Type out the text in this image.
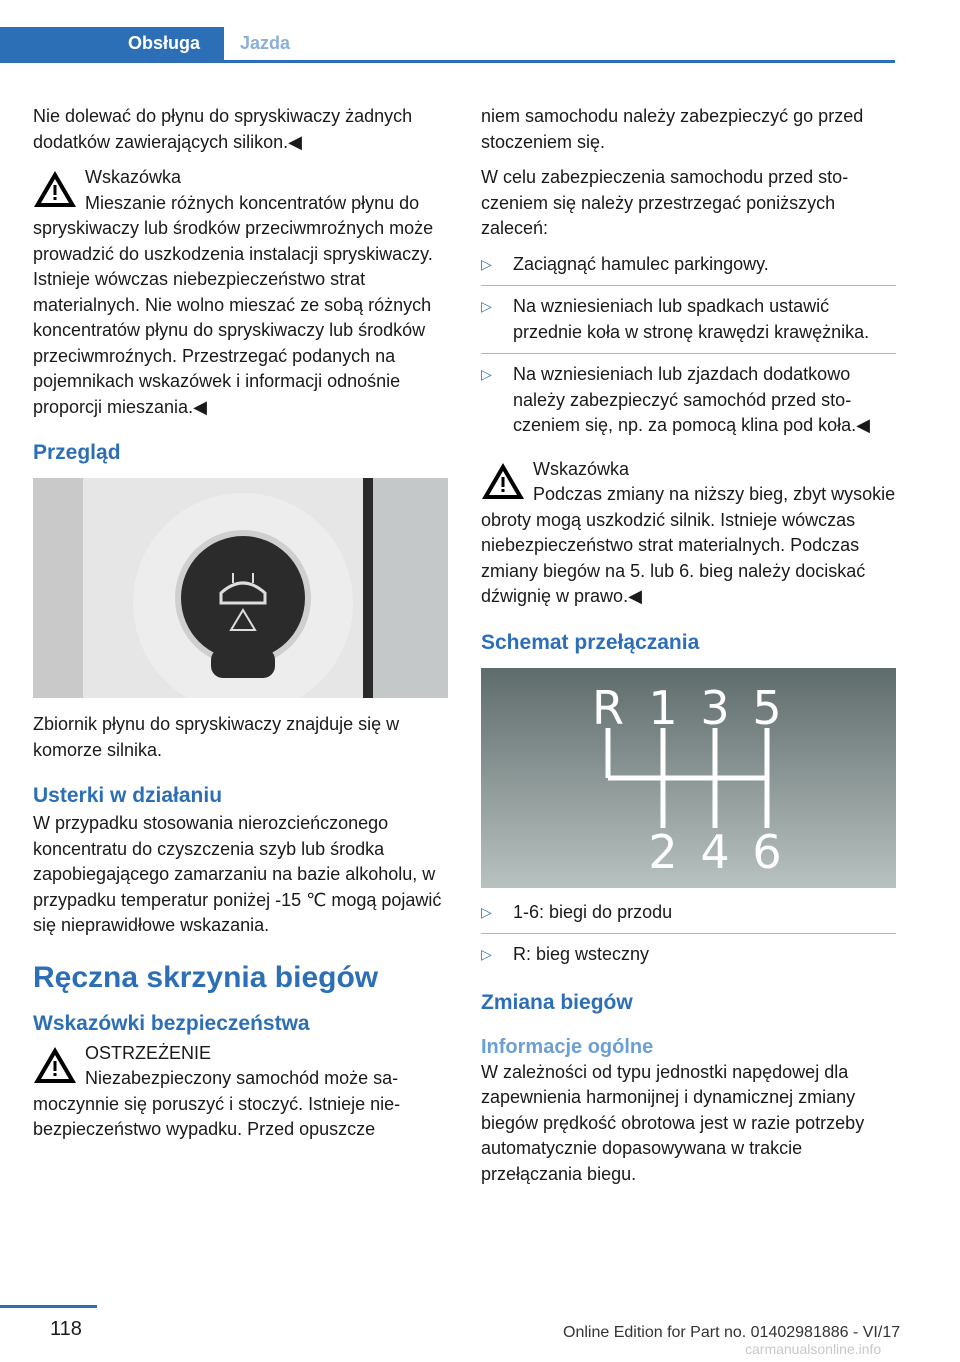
Obsługa Jazda

Nie dolewać do płynu do spryskiwaczy żadnych dodatków zawierających silikon.◀

Wskazówka

Mieszanie różnych koncentratów płynu do spryskiwaczy lub środków przeciwmroźnych może prowadzić do uszkodzenia instalacji spryskiwaczy. Istnieje wówczas niebezpieczeństwo strat materialnych. Nie wolno mieszać ze sobą różnych koncentratów płynu do spryskiwaczy lub środków przeciwmroźnych. Przestrzegać podanych na pojemnikach wskazówek i informacji odnośnie proporcji mieszania.◀

Przegląd

Zbiornik płynu do spryskiwaczy znajduje się w komorze silnika.

Usterki w działaniu

W przypadku stosowania nierozcieńczonego koncentratu do czyszczenia szyb lub środka zapobiegającego zamarzaniu na bazie alkoholu, w przypadku temperatur poniżej -15 ℃ mogą pojawić się nieprawidłowe wskazania.

Ręczna skrzynia biegów
Wskazówki bezpieczeństwa

OSTRZEŻENIE

Niezabezpieczony samochód może samoczynnie się poruszyć i stoczyć. Istnieje niebezpieczeństwo wypadku. Przed opuszcze

niem samochodu należy zabezpieczyć go przed stoczeniem się.

W celu zabezpieczenia samochodu przed stoczeniem się należy przestrzegać poniższych zaleceń:

▷ Zaciągnąć hamulec parkingowy.
▷ Na wzniesieniach lub spadkach ustawić przednie koła w stronę krawędzi krawężnika.
▷ Na wzniesieniach lub zjazdach dodatkowo należy zabezpieczyć samochód przed stoczeniem się, np. za pomocą klina pod koła.◀

Wskazówka

Podczas zmiany na niższy bieg, zbyt wysokie obroty mogą uszkodzić silnik. Istnieje wówczas niebezpieczeństwo strat materialnych. Podczas zmiany biegów na 5. lub 6. bieg należy dociskać dźwignię w prawo.◀

Schemat przełączania
R 1 3 5
2 4 6
▷ 1-6: biegi do przodu
▷ R: bieg wsteczny
Zmiana biegów
Informacje ogólne

W zależności od typu jednostki napędowej dla zapewnienia harmonijnej i dynamicznej zmiany biegów prędkość obrotowa jest w razie potrzeby automatycznie dopasowywana w trakcie przełączania biegu.

118	Online Edition for Part no. 01402981886 - VI/17
carmanualsonline.info
